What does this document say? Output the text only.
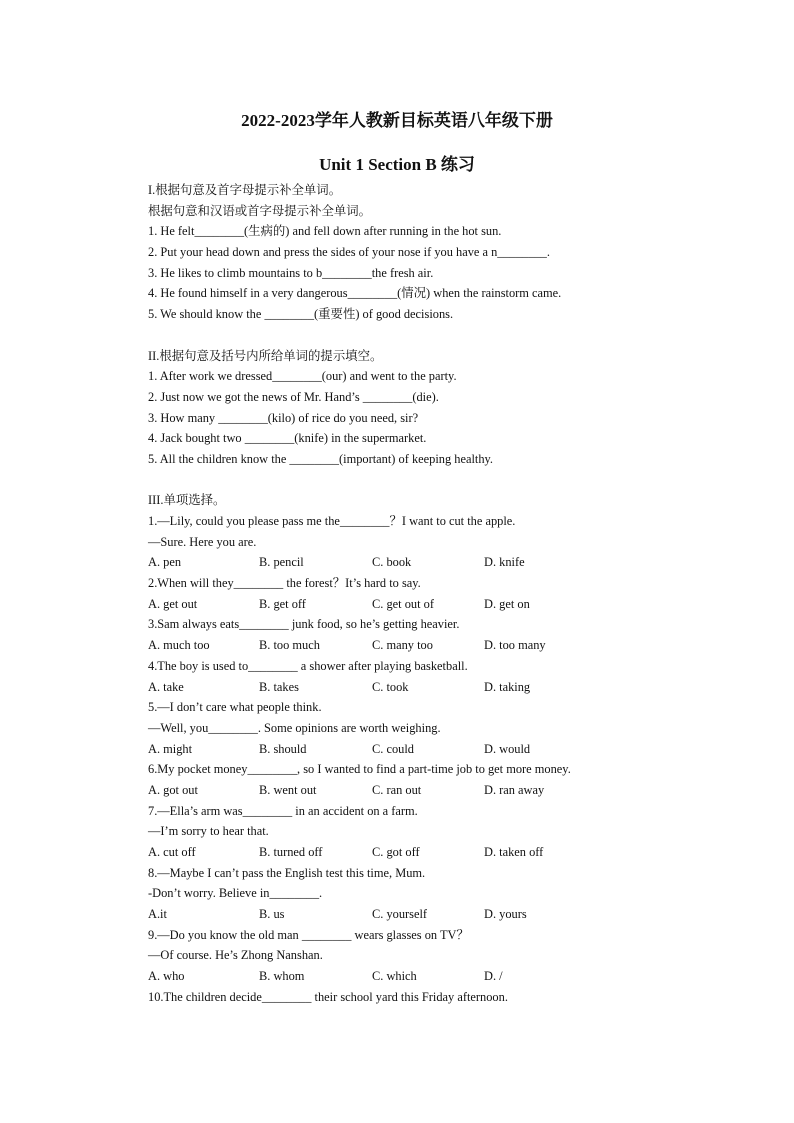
2022-2023学年人教新目标英语八年级下册
Unit 1 Section B 练习
I.根据句意及首字母提示补全单词。
根据句意和汉语或首字母提示补全单词。
1. He felt________(生病的) and fell down after running in the hot sun.
2. Put your head down and press the sides of your nose if you have a n________.
3. He likes to climb mountains to b________the fresh air.
4. He found himself in a very dangerous________(情况) when the rainstorm came.
5. We should know the ________(重要性) of good decisions.
II.根据句意及括号内所给单词的提示填空。
1. After work we dressed________(our) and went to the party.
2. Just now we got the news of Mr. Hand’s ________(die).
3. How many ________(kilo) of rice do you need, sir?
4. Jack bought two ________(knife) in the supermarket.
5. All the children know the ________(important) of keeping healthy.
III.单项选择。
1.—Lily, could you please pass me the________？I want to cut the apple.
—Sure. Here you are.
A. pen	B. pencil	C. book	D. knife
2.When will they________ the forest？It’s hard to say.
A. get out	B. get off	C. get out of	D. get on
3.Sam always eats________ junk food, so he’s getting heavier.
A. much too	B. too much	C. many too	D. too many
4.The boy is used to________ a shower after playing basketball.
A. take	B. takes	C. took	D. taking
5.—I don’t care what people think.
—Well, you________. Some opinions are worth weighing.
A. might	B. should	C. could	D. would
6.My pocket money________, so I wanted to find a part-time job to get more money.
A. got out	B. went out	C. ran out	D. ran away
7.—Ella’s arm was________ in an accident on a farm.
—I’m sorry to hear that.
A. cut off	B. turned off	C. got off	D. taken off
8.—Maybe I can’t pass the English test this time, Mum.
-Don’t worry. Believe in________.
A.it	B. us	C. yourself	D. yours
9.—Do you know the old man ________ wears glasses on TV？
—Of course. He’s Zhong Nanshan.
A. who	B. whom	C. which	D. /
10.The children decide________ their school yard this Friday afternoon.
